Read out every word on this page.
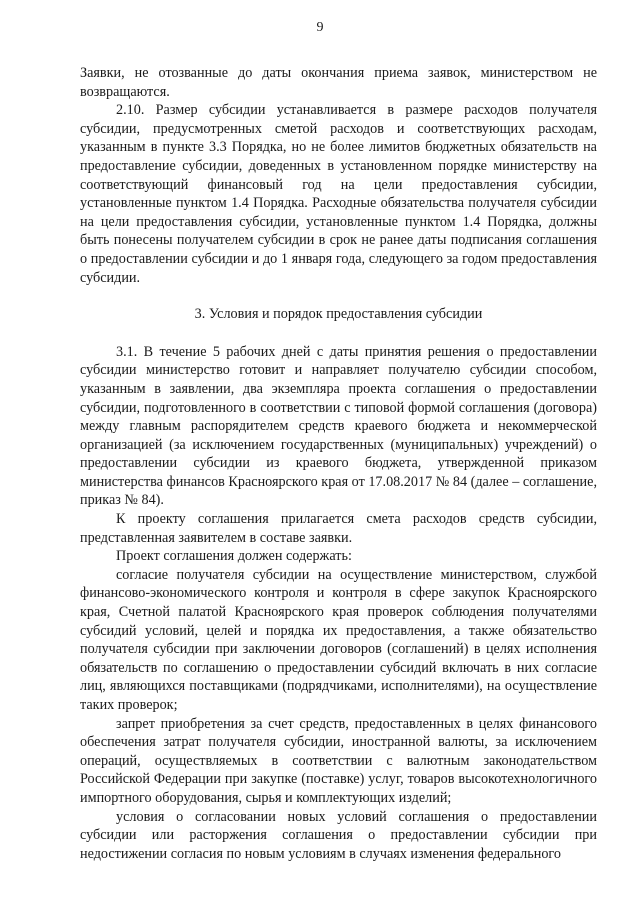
9

Заявки, не отозванные до даты окончания приема заявок, министерством не возвращаются.

2.10. Размер субсидии устанавливается в размере расходов получателя субсидии, предусмотренных сметой расходов и соответствующих расходам, указанным в пункте 3.3 Порядка, но не более лимитов бюджетных обязательств на предоставление субсидии, доведенных в установленном порядке министерству на соответствующий финансовый год на цели предоставления субсидии, установленные пунктом 1.4 Порядка. Расходные обязательства получателя субсидии на цели предоставления субсидии, установленные пунктом 1.4 Порядка, должны быть понесены получателем субсидии в срок не ранее даты подписания соглашения о предоставлении субсидии и до 1 января года, следующего за годом предоставления субсидии.

3. Условия и порядок предоставления субсидии

3.1. В течение 5 рабочих дней с даты принятия решения о предоставлении субсидии министерство готовит и направляет получателю субсидии способом, указанным в заявлении, два экземпляра проекта соглашения о предоставлении субсидии, подготовленного в соответствии с типовой формой соглашения (договора) между главным распорядителем средств краевого бюджета и некоммерческой организацией (за исключением государственных (муниципальных) учреждений) о предоставлении субсидии из краевого бюджета, утвержденной приказом министерства финансов Красноярского края от 17.08.2017 № 84 (далее – соглашение, приказ № 84).

К проекту соглашения прилагается смета расходов средств субсидии, представленная заявителем в составе заявки.

Проект соглашения должен содержать:

согласие получателя субсидии на осуществление министерством, службой финансово-экономического контроля и контроля в сфере закупок Красноярского края, Счетной палатой Красноярского края проверок соблюдения получателями субсидий условий, целей и порядка их предоставления, а также обязательство получателя субсидии при заключении договоров (соглашений) в целях исполнения обязательств по соглашению о предоставлении субсидий включать в них согласие лиц, являющихся поставщиками (подрядчиками, исполнителями), на осуществление таких проверок;

запрет приобретения за счет средств, предоставленных в целях финансового обеспечения затрат получателя субсидии, иностранной валюты, за исключением операций, осуществляемых в соответствии с валютным законодательством Российской Федерации при закупке (поставке) услуг, товаров высокотехнологичного импортного оборудования, сырья и комплектующих изделий;

условия о согласовании новых условий соглашения о предоставлении субсидии или расторжения соглашения о предоставлении субсидии при недостижении согласия по новым условиям в случаях изменения федерального
